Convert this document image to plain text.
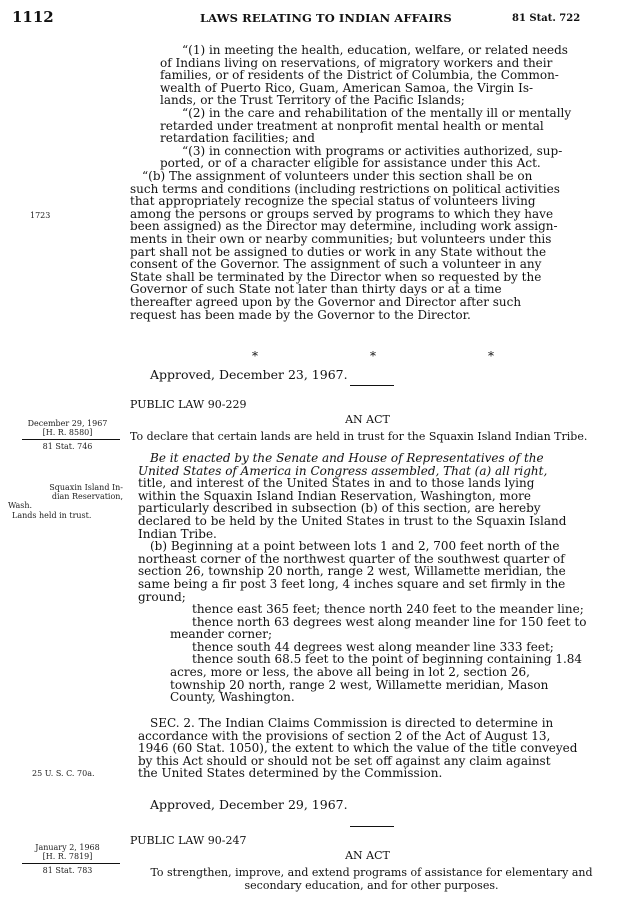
1112	LAWS RELATING TO INDIAN AFFAIRS	81 Stat. 722

“(1) in meeting the health, education, welfare, or related needs

of Indians living on reservations, of migratory workers and their

families, or of residents of the District of Columbia, the Common-

wealth of Puerto Rico, Guam, American Samoa, the Virgin Is-

lands, or the Trust Territory of the Pacific Islands;

“(2) in the care and rehabilitation of the mentally ill or mentally

retarded under treatment at nonprofit mental health or mental

retardation facilities; and

“(3) in connection with programs or activities authorized, sup-

ported, or of a character eligible for assistance under this Act.

“(b) The assignment of volunteers under this section shall be on

such terms and conditions (including restrictions on political activities

that appropriately recognize the special status of volunteers living

among the persons or groups served by programs to which they have

been assigned) as the Director may determine, including work assign-

ments in their own or nearby communities; but volunteers under this

part shall not be assigned to duties or work in any State without the

consent of the Governor. The assignment of such a volunteer in any

State shall be terminated by the Director when so requested by the

Governor of such State not later than thirty days or at a time

thereafter agreed upon by the Governor and Director after such

request has been made by the Governor to the Director.

1723
*	*	*
Approved, December 23, 1967.
PUBLIC LAW 90-229
AN ACT
To declare that certain lands are held in trust for the Squaxin Island Indian Tribe.
December 29, 1967
[H. R. 8580]
81 Stat. 746
Squaxin Island In-
dian Reservation,
Wash.
Lands held in trust.

Be it enacted by the Senate and House of Representatives of the

United States of America in Congress assembled, That (a) all right,

title, and interest of the United States in and to those lands lying

within the Squaxin Island Indian Reservation, Washington, more

particularly described in subsection (b) of this section, are hereby

declared to be held by the United States in trust to the Squaxin Island

Indian Tribe.

(b) Beginning at a point between lots 1 and 2, 700 feet north of the

northeast corner of the northwest quarter of the southwest quarter of

section 26, township 20 north, range 2 west, Willamette meridian, the

same being a fir post 3 feet long, 4 inches square and set firmly in the

ground;

thence east 365 feet; thence north 240 feet to the meander line;

thence north 63 degrees west along meander line for 150 feet to

meander corner;

thence south 44 degrees west along meander line 333 feet;

thence south 68.5 feet to the point of beginning containing 1.84

acres, more or less, the above all being in lot 2, section 26,

township 20 north, range 2 west, Willamette meridian, Mason

County, Washington.

SEC. 2. The Indian Claims Commission is directed to determine in

accordance with the provisions of section 2 of the Act of August 13,

1946 (60 Stat. 1050), the extent to which the value of the title conveyed

by this Act should or should not be set off against any claim against

the United States determined by the Commission.

25 U. S. C. 70a.
Approved, December 29, 1967.
PUBLIC LAW 90-247
AN ACT
To strengthen, improve, and extend programs of assistance for elementary and
secondary education, and for other purposes.
January 2, 1968
[H. R. 7819]
81 Stat. 783
